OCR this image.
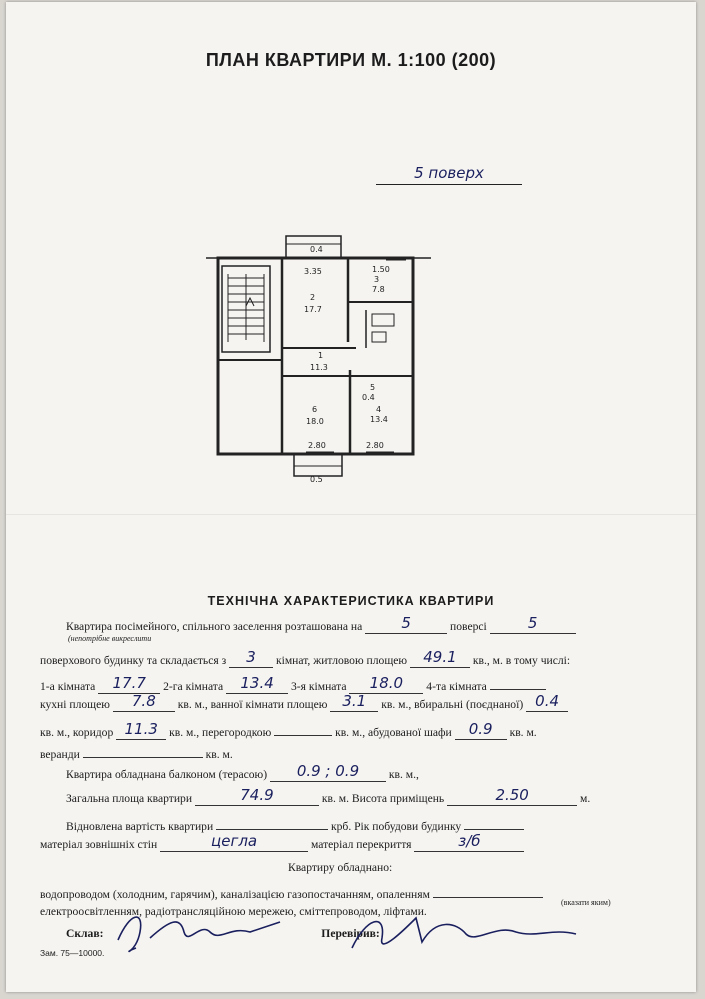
ПЛАН КВАРТИРИ М. 1:100 (200)
5 поверх
0.4
3.35
2
17.7
1.50
3
7.8
1
11.3
6
18.0
5
0.4
4
13.4
2.80	2.80
0.5
ТЕХНІЧНА ХАРАКТЕРИСТИКА КВАРТИРИ
Квартира посімейного, спільного заселення розташована на	5	поверсі	5
(непотрібне викреслити
поверхового будинку та складається з 3 кімнат, житловою площею 49.1 кв., м. в тому числі:
1-а кімната 17.7 2-га кімната 13.4 3-я кімната 18.0 4-та кімната
кухні площею 7.8 кв. м., ванної кімнати площею 3.1 кв. м., вбиральні (поєднаної) 0.4
кв. м., коридор 11.3 кв. м., перегородкою	кв. м., абудованої шафи 0.9 кв. м.
веранди	кв. м.
Квартира обладнана балконом (терасою) 0.9 ; 0.9	кв. м.,
Загальна площа квартири	74.9	кв. м. Висота приміщень	2.50	м.
Відновлена вартість квартири	крб. Рік побудови будинку
матеріал зовнішніх стін	цегла	матеріал перекриття	з/б
Квартиру обладнано:
водопроводом (холодним, гарячим), каналізацією газопостачанням, опаленням
(вказати яким)
електроосвітленням, радіотрансляційною мережею, сміттепроводом, ліфтами.
Склав:	Перевірив:
Зам. 75—10000.
